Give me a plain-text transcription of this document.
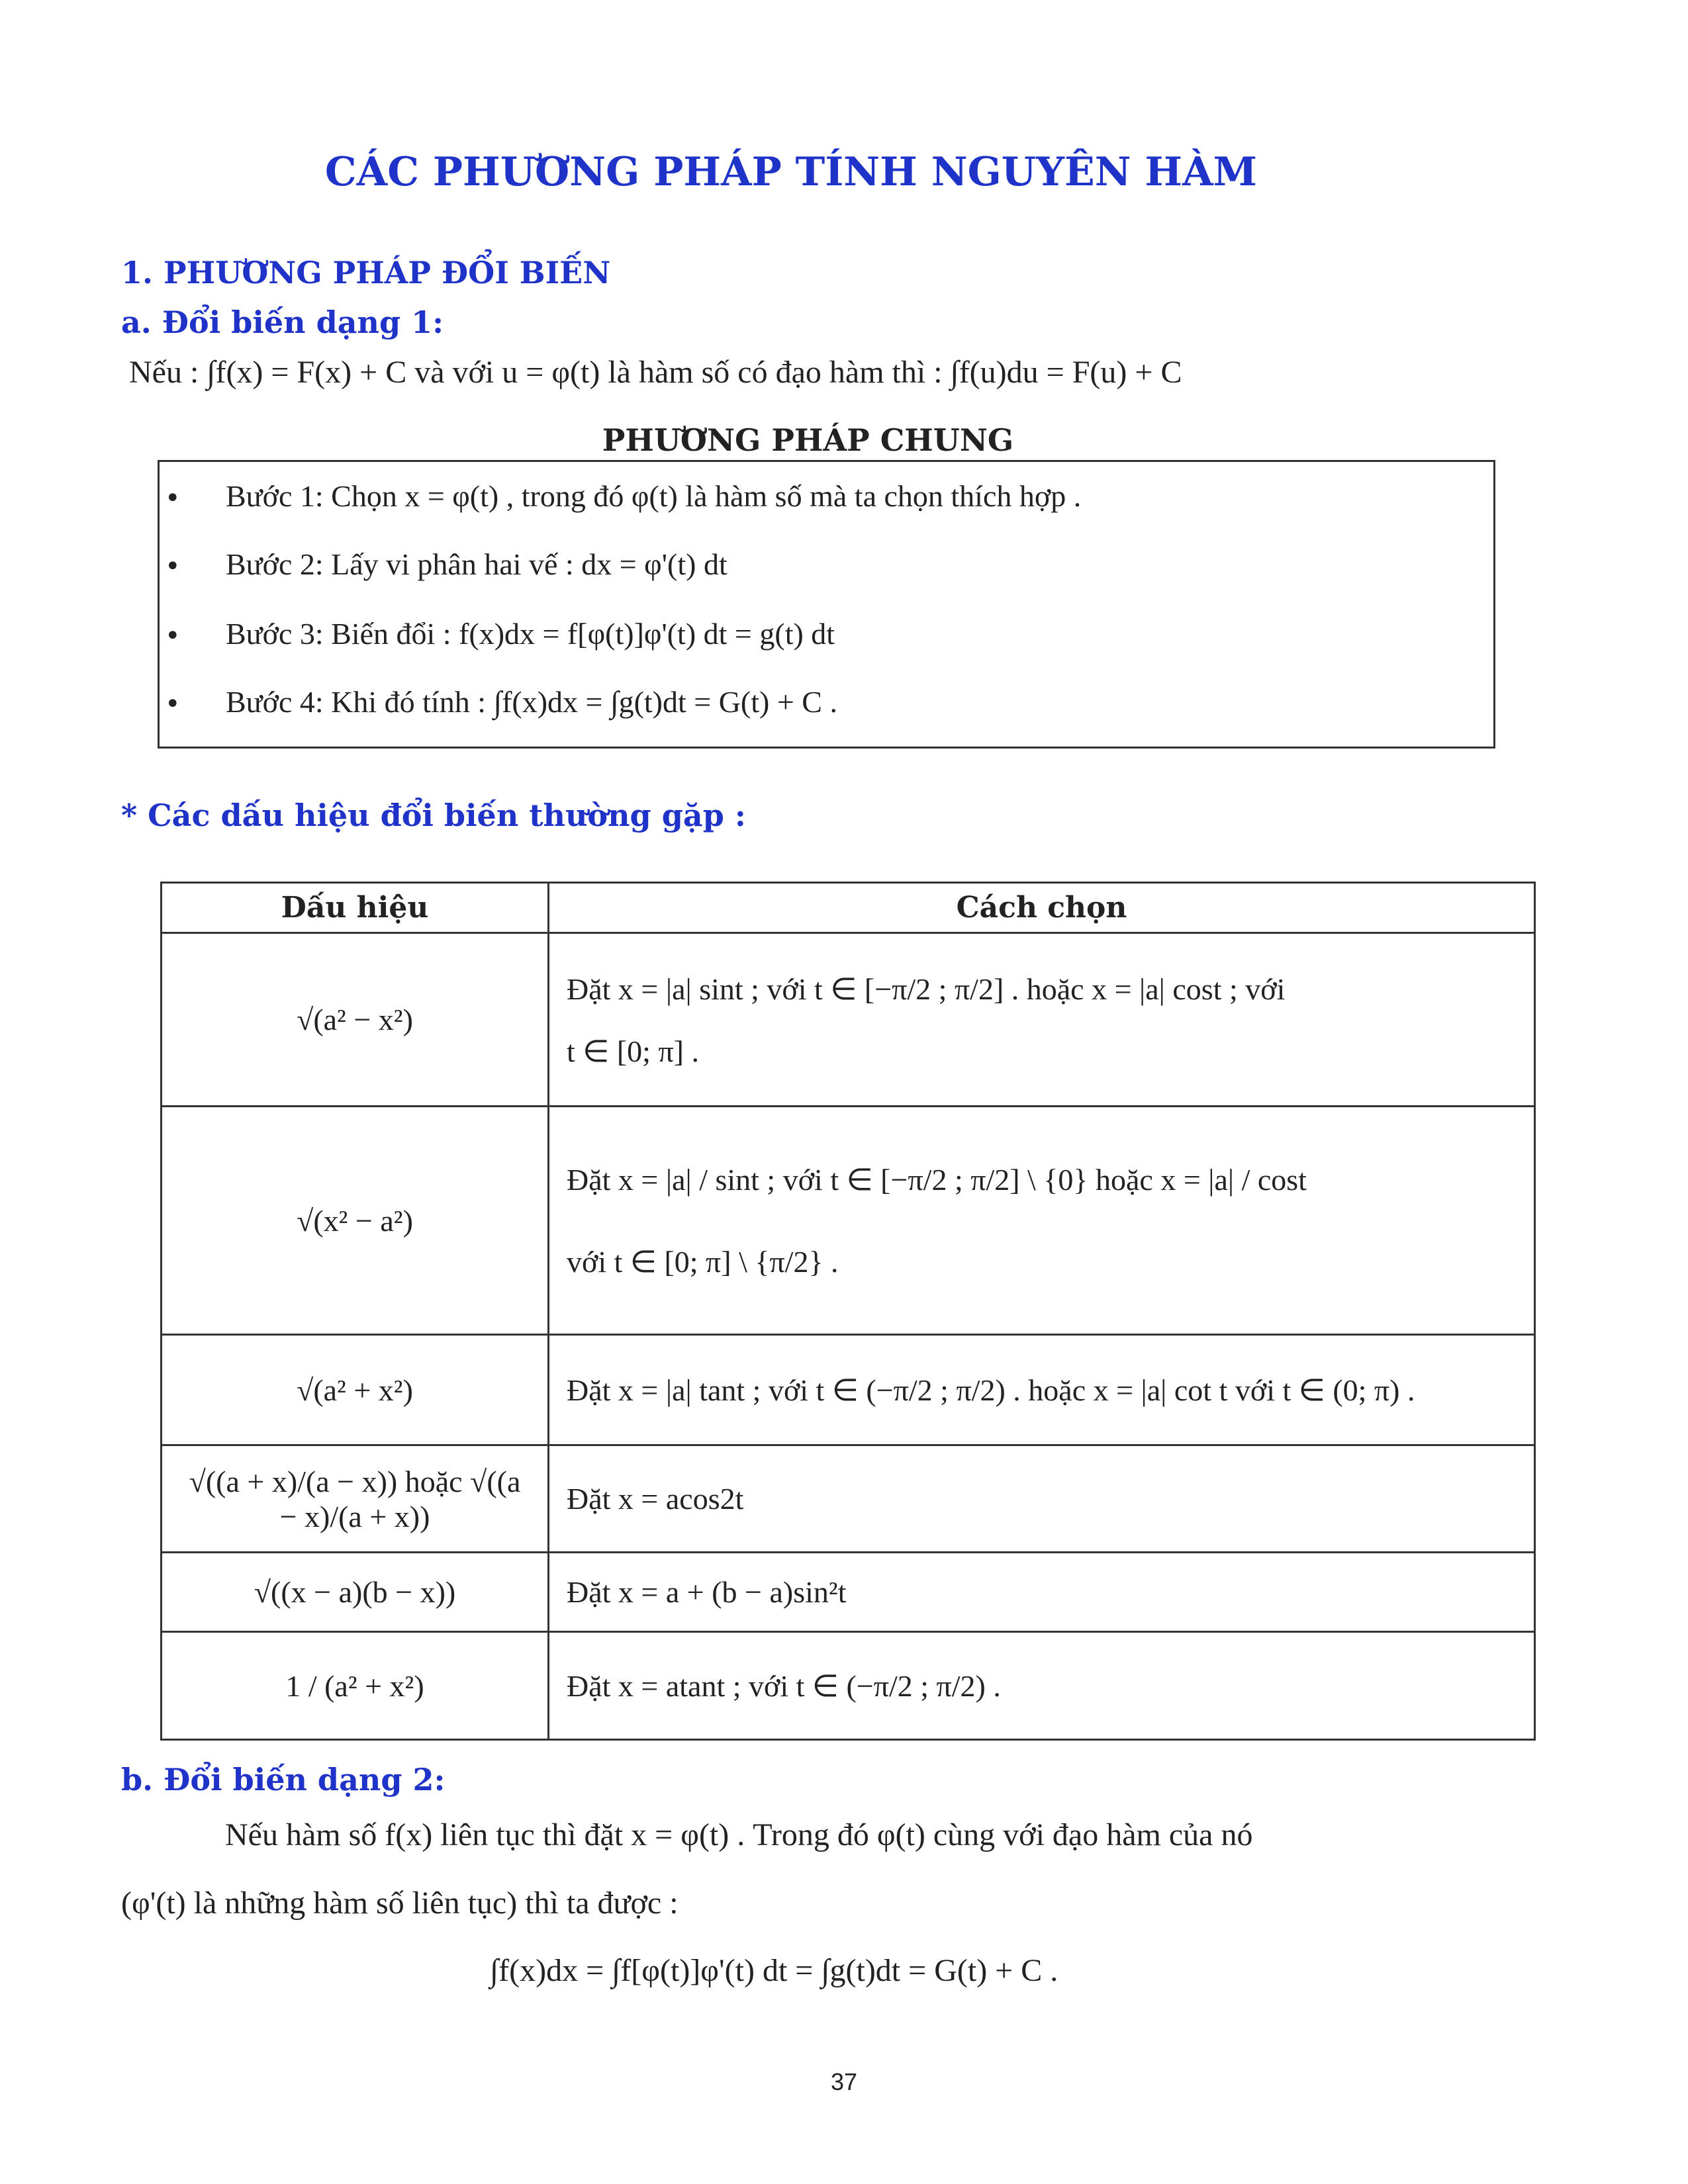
CÁC PHƯƠNG PHÁP TÍNH NGUYÊN HÀM
1. PHƯƠNG PHÁP ĐỔI BIẾN
a. Đổi biến dạng 1:
Nếu : ∫f(x) = F(x) + C và với u = φ(t) là hàm số có đạo hàm thì : ∫f(u)du = F(u) + C
PHƯƠNG PHÁP CHUNG
• Bước 1: Chọn x = φ(t) , trong đó φ(t) là hàm số mà ta chọn thích hợp .
• Bước 2: Lấy vi phân hai vế : dx = φ'(t) dt
• Bước 3: Biến đổi : f(x)dx = f[φ(t)]φ'(t) dt = g(t) dt
• Bước 4: Khi đó tính : ∫f(x)dx = ∫g(t)dt = G(t) + C .
* Các dấu hiệu đổi biến thường gặp :
Dấu hiệu	Cách chọn
√(a² − x²)	Đặt x = |a| sint ; với t ∈ [−π/2 ; π/2] . hoặc x = |a| cost ; với
t ∈ [0; π] .

√(x² − a²)	Đặt x = |a| / sint ; với t ∈ [−π/2 ; π/2] \ {0} hoặc x = |a| / cost
với t ∈ [0; π] \ {π/2} .

√(a² + x²)	Đặt x = |a| tant ; với t ∈ (−π/2 ; π/2) . hoặc x = |a| cot t với t ∈ (0; π) .

√((a + x)/(a − x)) hoặc √((a − x)/(a + x))	Đặt x = acos2t

√((x − a)(b − x))	Đặt x = a + (b − a)sin²t

1 / (a² + x²)	Đặt x = atant ; với t ∈ (−π/2 ; π/2) .
b. Đổi biến dạng 2:
Nếu hàm số f(x) liên tục thì đặt x = φ(t) . Trong đó φ(t) cùng với đạo hàm của nó
(φ'(t) là những hàm số liên tục) thì ta được :
∫f(x)dx = ∫f[φ(t)]φ'(t) dt = ∫g(t)dt = G(t) + C .
37
